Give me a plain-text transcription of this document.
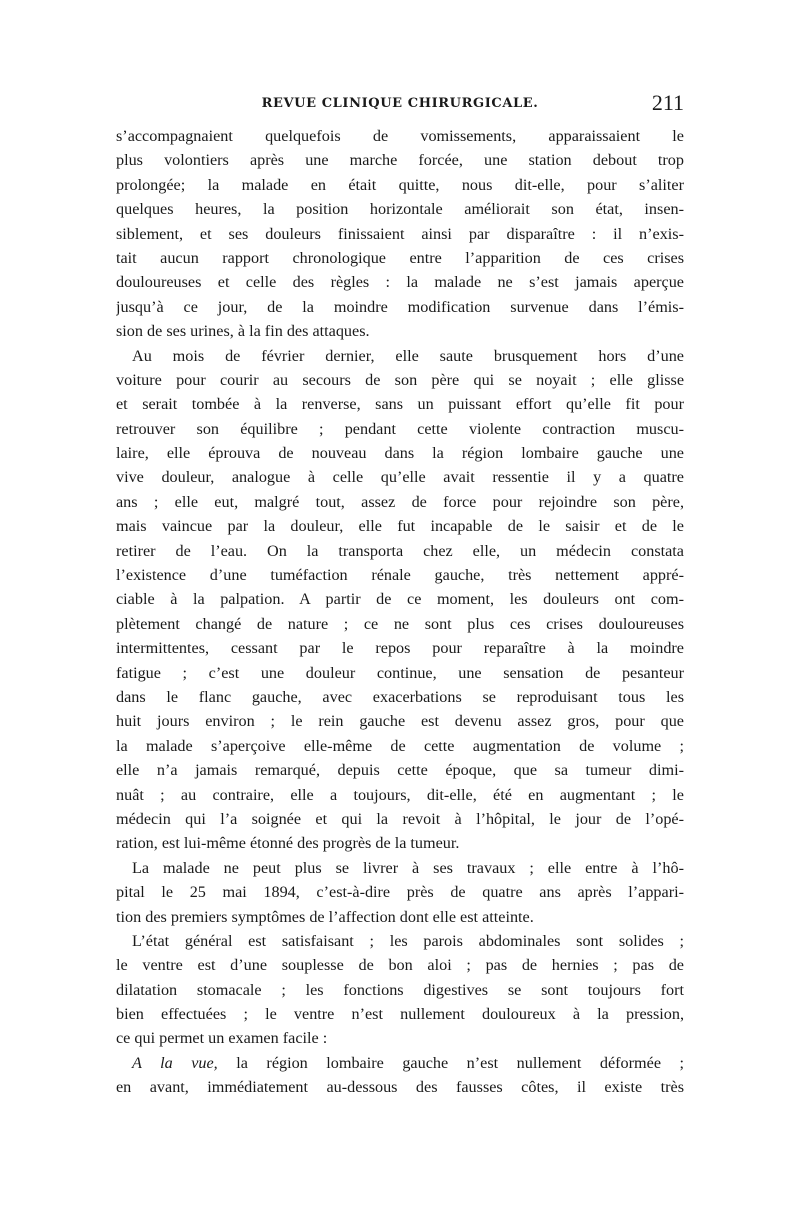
REVUE CLINIQUE CHIRURGICALE.	211
s’accompagnaient quelquefois de vomissements, apparaissaient le
plus volontiers après une marche forcée, une station debout trop
prolongée; la malade en était quitte, nous dit-elle, pour s’aliter
quelques heures, la position horizontale améliorait son état, insen-
siblement, et ses douleurs finissaient ainsi par disparaître : il n’exis-
tait aucun rapport chronologique entre l’apparition de ces crises
douloureuses et celle des règles : la malade ne s’est jamais aperçue
jusqu’à ce jour, de la moindre modification survenue dans l’émis-
sion de ses urines, à la fin des attaques.
Au mois de février dernier, elle saute brusquement hors d’une
voiture pour courir au secours de son père qui se noyait ; elle glisse
et serait tombée à la renverse, sans un puissant effort qu’elle fit pour
retrouver son équilibre ; pendant cette violente contraction muscu-
laire, elle éprouva de nouveau dans la région lombaire gauche une
vive douleur, analogue à celle qu’elle avait ressentie il y a quatre
ans ; elle eut, malgré tout, assez de force pour rejoindre son père,
mais vaincue par la douleur, elle fut incapable de le saisir et de le
retirer de l’eau. On la transporta chez elle, un médecin constata
l’existence d’une tuméfaction rénale gauche, très nettement appré-
ciable à la palpation. A partir de ce moment, les douleurs ont com-
plètement changé de nature ; ce ne sont plus ces crises douloureuses
intermittentes, cessant par le repos pour reparaître à la moindre
fatigue ; c’est une douleur continue, une sensation de pesanteur
dans le flanc gauche, avec exacerbations se reproduisant tous les
huit jours environ ; le rein gauche est devenu assez gros, pour que
la malade s’aperçoive elle-même de cette augmentation de volume ;
elle n’a jamais remarqué, depuis cette époque, que sa tumeur dimi-
nuât ; au contraire, elle a toujours, dit-elle, été en augmentant ; le
médecin qui l’a soignée et qui la revoit à l’hôpital, le jour de l’opé-
ration, est lui-même étonné des progrès de la tumeur.
La malade ne peut plus se livrer à ses travaux ; elle entre à l’hô-
pital le 25 mai 1894, c’est-à-dire près de quatre ans après l’appari-
tion des premiers symptômes de l’affection dont elle est atteinte.
L’état général est satisfaisant ; les parois abdominales sont solides ;
le ventre est d’une souplesse de bon aloi ; pas de hernies ; pas de
dilatation stomacale ; les fonctions digestives se sont toujours fort
bien effectuées ; le ventre n’est nullement douloureux à la pression,
ce qui permet un examen facile :
A la vue, la région lombaire gauche n’est nullement déformée ;
en avant, immédiatement au-dessous des fausses côtes, il existe très
